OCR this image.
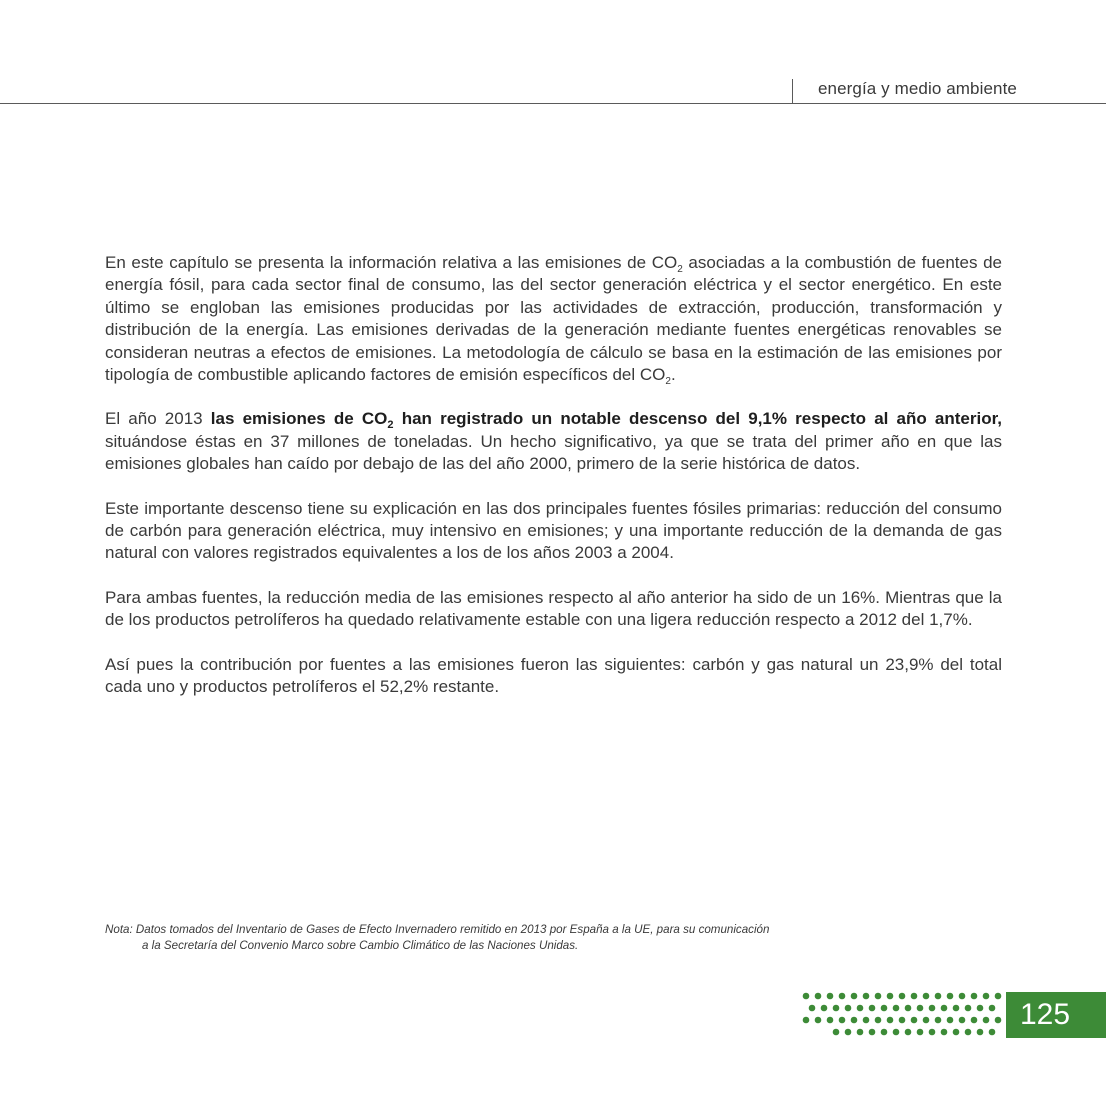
energía y medio ambiente

En este capítulo se presenta la información relativa a las emisiones de $CO_2$ asociadas a la combustión de fuentes de energía fósil, para cada sector final de consumo, las del sector generación eléctrica y el sector energético. En este último se engloban las emisiones producidas por las actividades de extracción, producción, transformación y distribución de la energía. Las emisiones derivadas de la generación mediante fuentes energéticas renovables se consideran neutras a efectos de emisiones. La metodología de cálculo se basa en la estimación de las emisiones por tipología de combustible aplicando factores de emisión específicos del $CO_2$.

El año 2013 las emisiones de $CO_2$ han registrado un notable descenso del 9,1% respecto al año anterior, situándose éstas en 37 millones de toneladas. Un hecho significativo, ya que se trata del primer año en que las emisiones globales han caído por debajo de las del año 2000, primero de la serie histórica de datos.

Este importante descenso tiene su explicación en las dos principales fuentes fósiles primarias: reducción del consumo de carbón para generación eléctrica, muy intensivo en emisiones; y una importante reducción de la demanda de gas natural con valores registrados equivalentes a los de los años 2003 a 2004.

Para ambas fuentes, la reducción media de las emisiones respecto al año anterior ha sido de un 16%. Mientras que la de los productos petrolíferos ha quedado relativamente estable con una ligera reducción respecto a 2012 del 1,7%.

Así pues la contribución por fuentes a las emisiones fueron las siguientes: carbón y gas natural un 23,9% del total cada uno y productos petrolíferos el 52,2% restante.

Nota: Datos tomados del Inventario de Gases de Efecto Invernadero remitido en 2013 por España a la UE, para su comunicación
a la Secretaría del Convenio Marco sobre Cambio Climático de las Naciones Unidas.
125
